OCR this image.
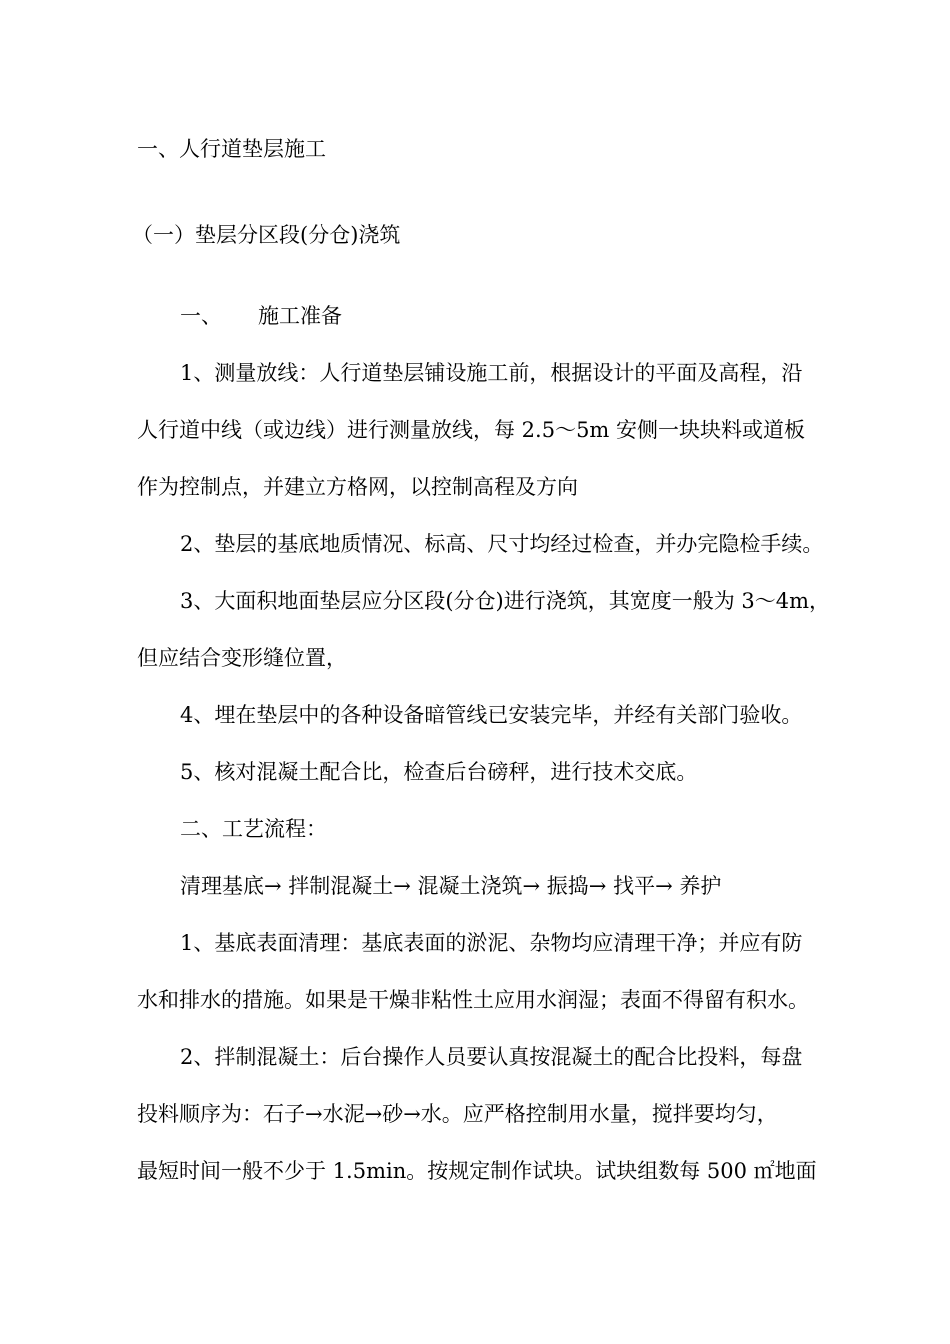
一、人行道垫层施工
（一）垫层分区段(分仓)浇筑
一、 施工准备
1、测量放线：人行道垫层铺设施工前，根据设计的平面及高程，沿
人行道中线（或边线）进行测量放线，每 2.5～5m 安侧一块块料或道板
作为控制点，并建立方格网，以控制高程及方向
2、垫层的基底地质情况、标高、尺寸均经过检查，并办完隐检手续。
3、大面积地面垫层应分区段(分仓)进行浇筑，其宽度一般为 3～4m，
但应结合变形缝位置，
4、埋在垫层中的各种设备暗管线已安装完毕，并经有关部门验收。
5、核对混凝土配合比，检查后台磅秤，进行技术交底。
二、工艺流程：
清理基底→ 拌制混凝土→ 混凝土浇筑→ 振捣→ 找平→ 养护
1、基底表面清理：基底表面的淤泥、杂物均应清理干净；并应有防
水和排水的措施。如果是干燥非粘性土应用水润湿；表面不得留有积水。
2、拌制混凝土：后台操作人员要认真按混凝土的配合比投料，每盘
投料顺序为：石子→水泥→砂→水。应严格控制用水量，搅拌要均匀，
最短时间一般不少于 1.5min。按规定制作试块。试块组数每 500 ㎡地面
